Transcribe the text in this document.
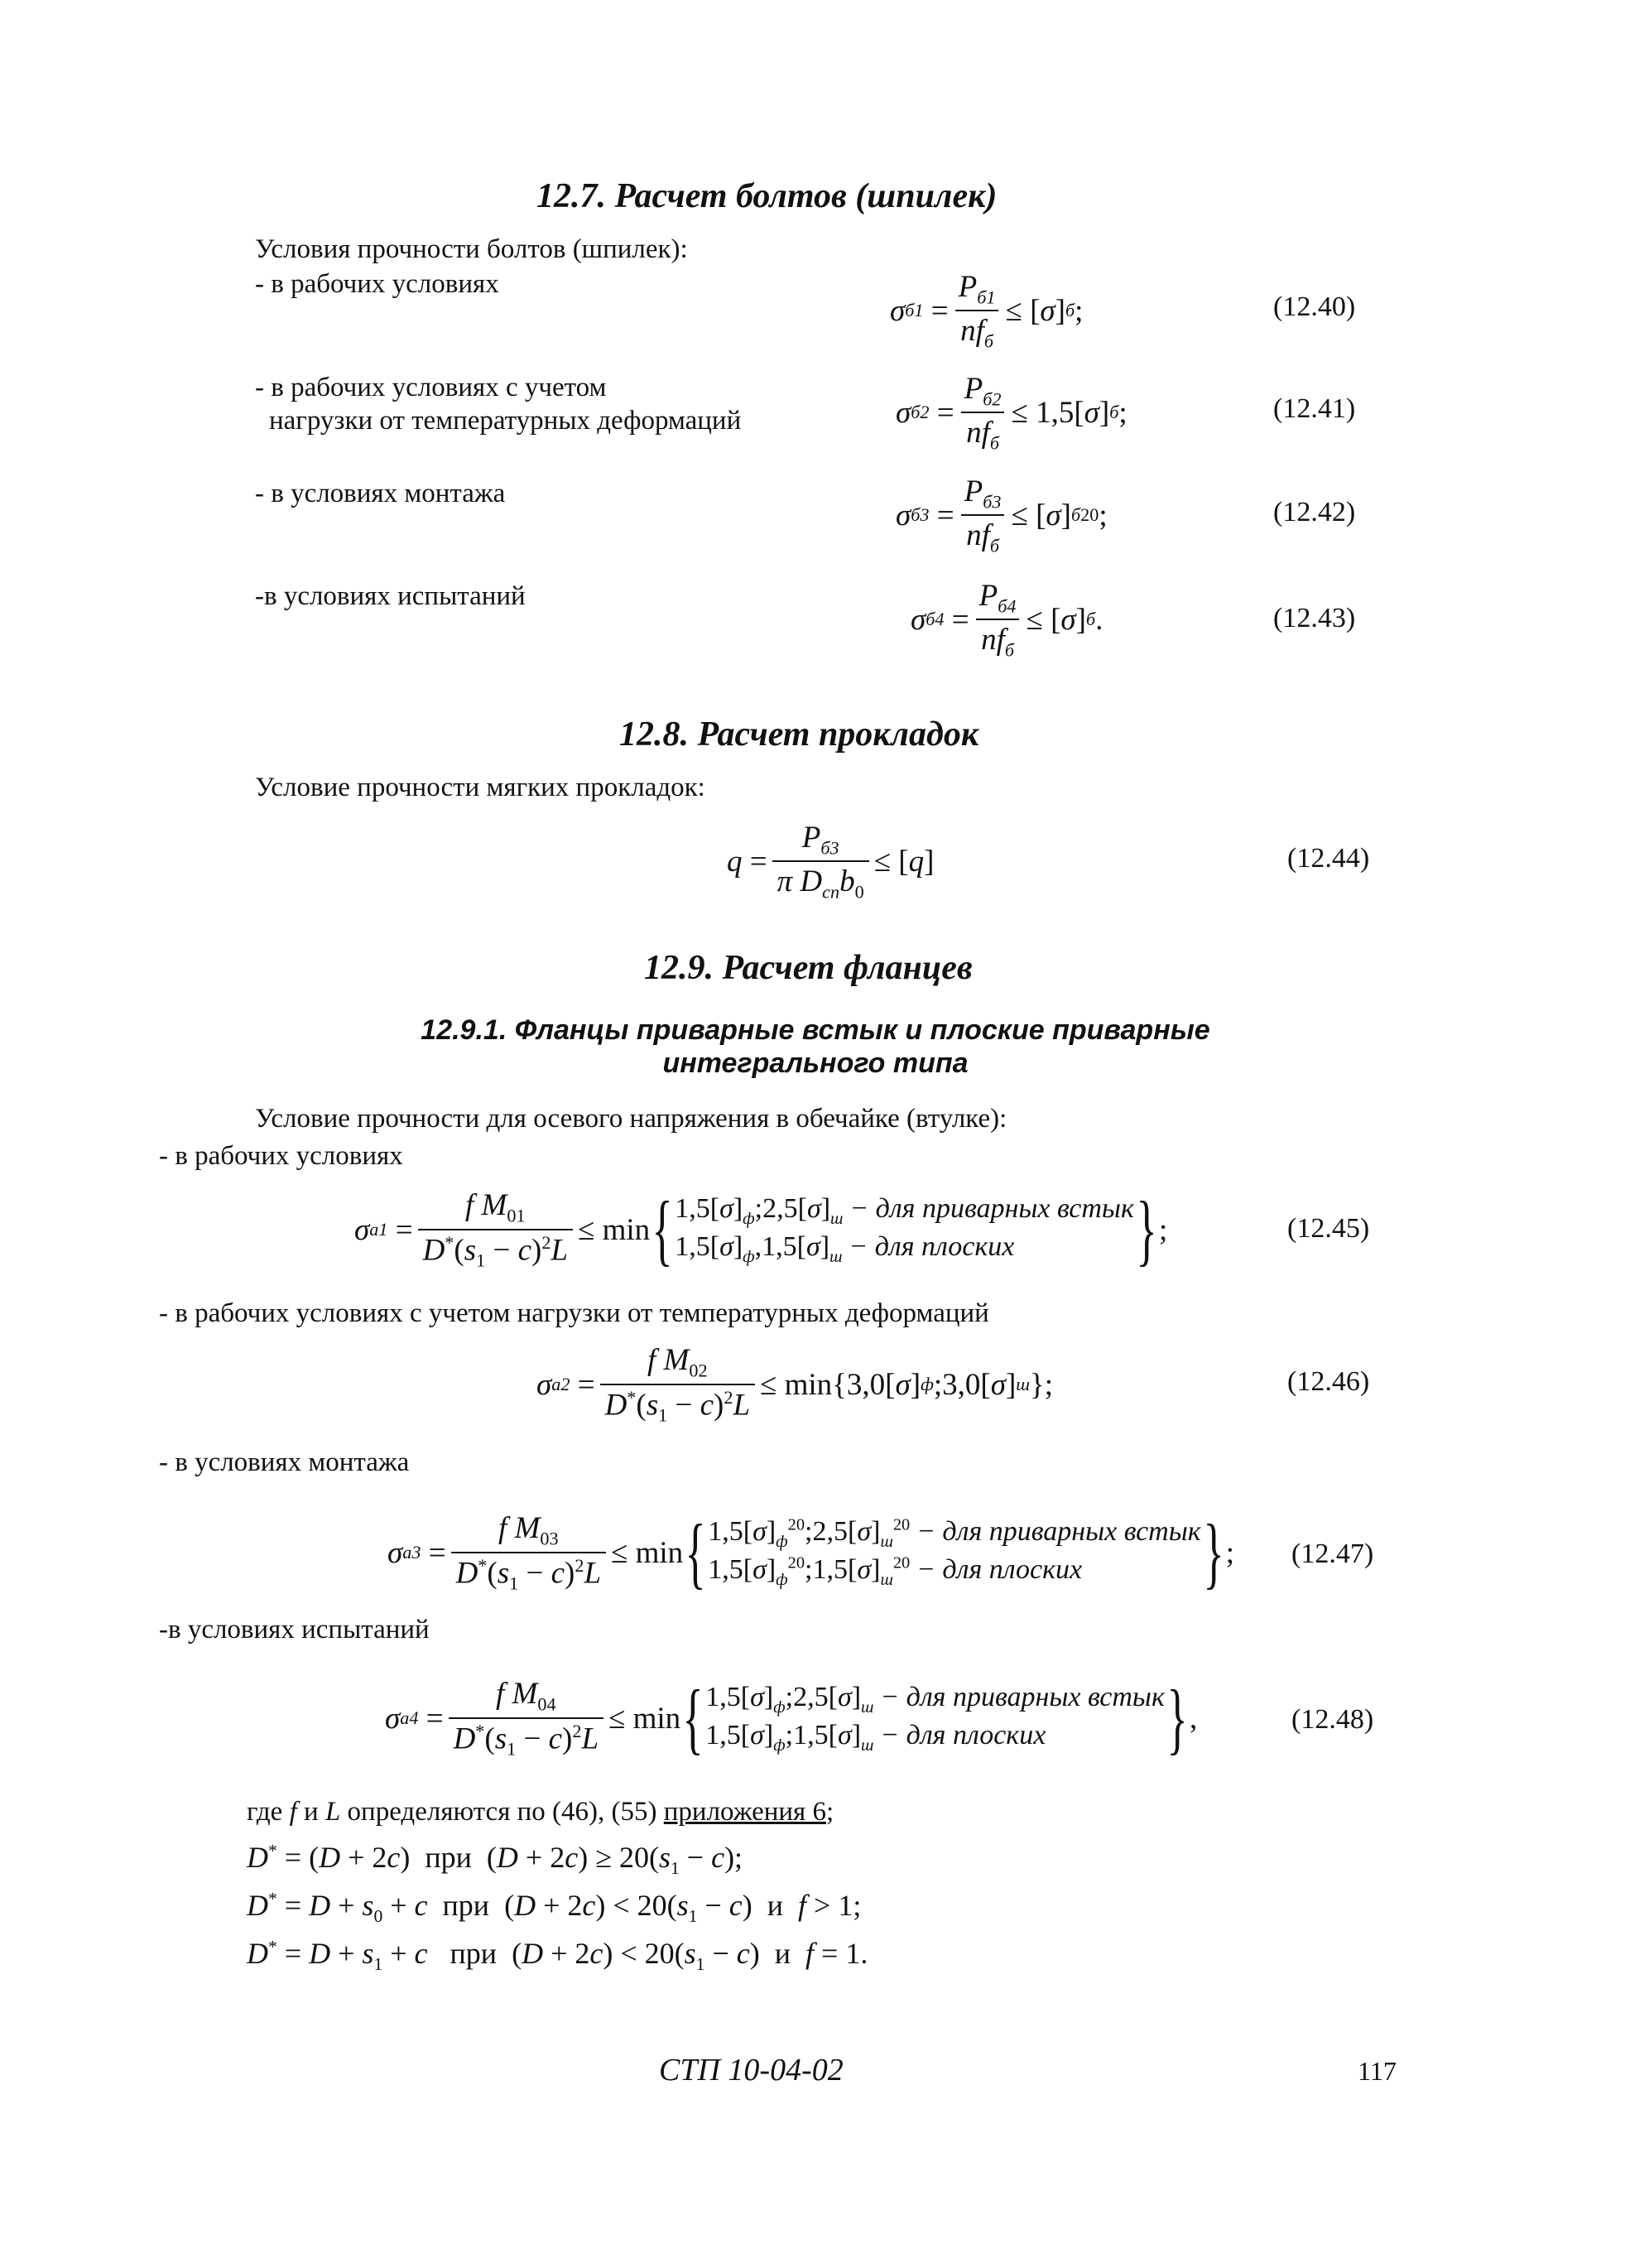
12.7. Расчет болтов (шпилек)
Условия прочности болтов (шпилек):
- в рабочих условиях
σ б1
= $\frac{P_{б1}}{nf_б}$ ≤ [ σ ] б ;	(12.40)
- в рабочих условиях с учетом
нагрузки от температурных деформаций	σ б2
= $\frac{P_{б2}}{nf_б} \le 1,5$[ σ ] б ;	(12.41)
- в условиях монтажа
σ б3
= $\frac{P_{б3}}{nf_б}$ ≤ [ σ ] б 20 ;	(12.42)
-в условиях испытаний
σ б4
= $\frac{P_{б4}}{nf_б}$ ≤ [ σ ] б .	(12.43)
12.8. Расчет прокладок
Условие прочности мягких прокладок:
q
= $\frac{P_{б3}}{\pi D_{сп}b_0}$ ≤ [ q ]	(12.44)
12.9. Расчет фланцев
12.9.1. Фланцы приварные встык и плоские приварные
интегрального типа
Условие прочности для осевого напряжения в обечайке (втулке):
- в рабочих условиях
σ a1
= $\frac{f M_{01}}{D^*(s_1 - c)^2L} \le \min$ { $1,5[\sigma]_ф;2,5[\sigma]_ш$ − для приварных встык
$1,5[\sigma]_ф,1,5[\sigma]_ш$ − для плоских	} ;	(12.45)
- в рабочих условиях с учетом нагрузки от температурных деформаций
σ a2
= $\frac{f M_{02}}{D^*(s_1 - c)^2L} \le \min\{3,0$[ σ ] ф ;3,0[ σ ] ш };	(12.46)
- в условиях монтажа
σ a3
= $\frac{f M_{03}}{D^*(s_1 - c)^2L} \le \min$ { $1,5[\sigma]_ф^{20};2,5[\sigma]_ш^{20}$ − для приварных встык
$1,5[\sigma]_ф^{20};1,5[\sigma]_ш^{20}$ − для плоских	} ; (12.47)
-в условиях испытаний
σ a4
= $\frac{f M_{04}}{D^*(s_1 - c)^2L} \le \min$ { $1,5[\sigma]_ф;2,5[\sigma]_ш$ − для приварных встык
$1,5[\sigma]_ф;1,5[\sigma]_ш$ − для плоских	} ,	(12.48)
где f и L определяются по (46), (55) приложения 6;
D* = (D + 2c)  при  $(D + 2c) \ge 20(s_1 - c)$;
$D^* = D + s_0 + c$ при  $(D + 2c) < 20(s_1 - c)$  и f > 1;
$D^* = D + s_1 + c$ при  $(D + 2c) < 20(s_1 - c)$  и f = 1.
СТП 10-04-02	117
